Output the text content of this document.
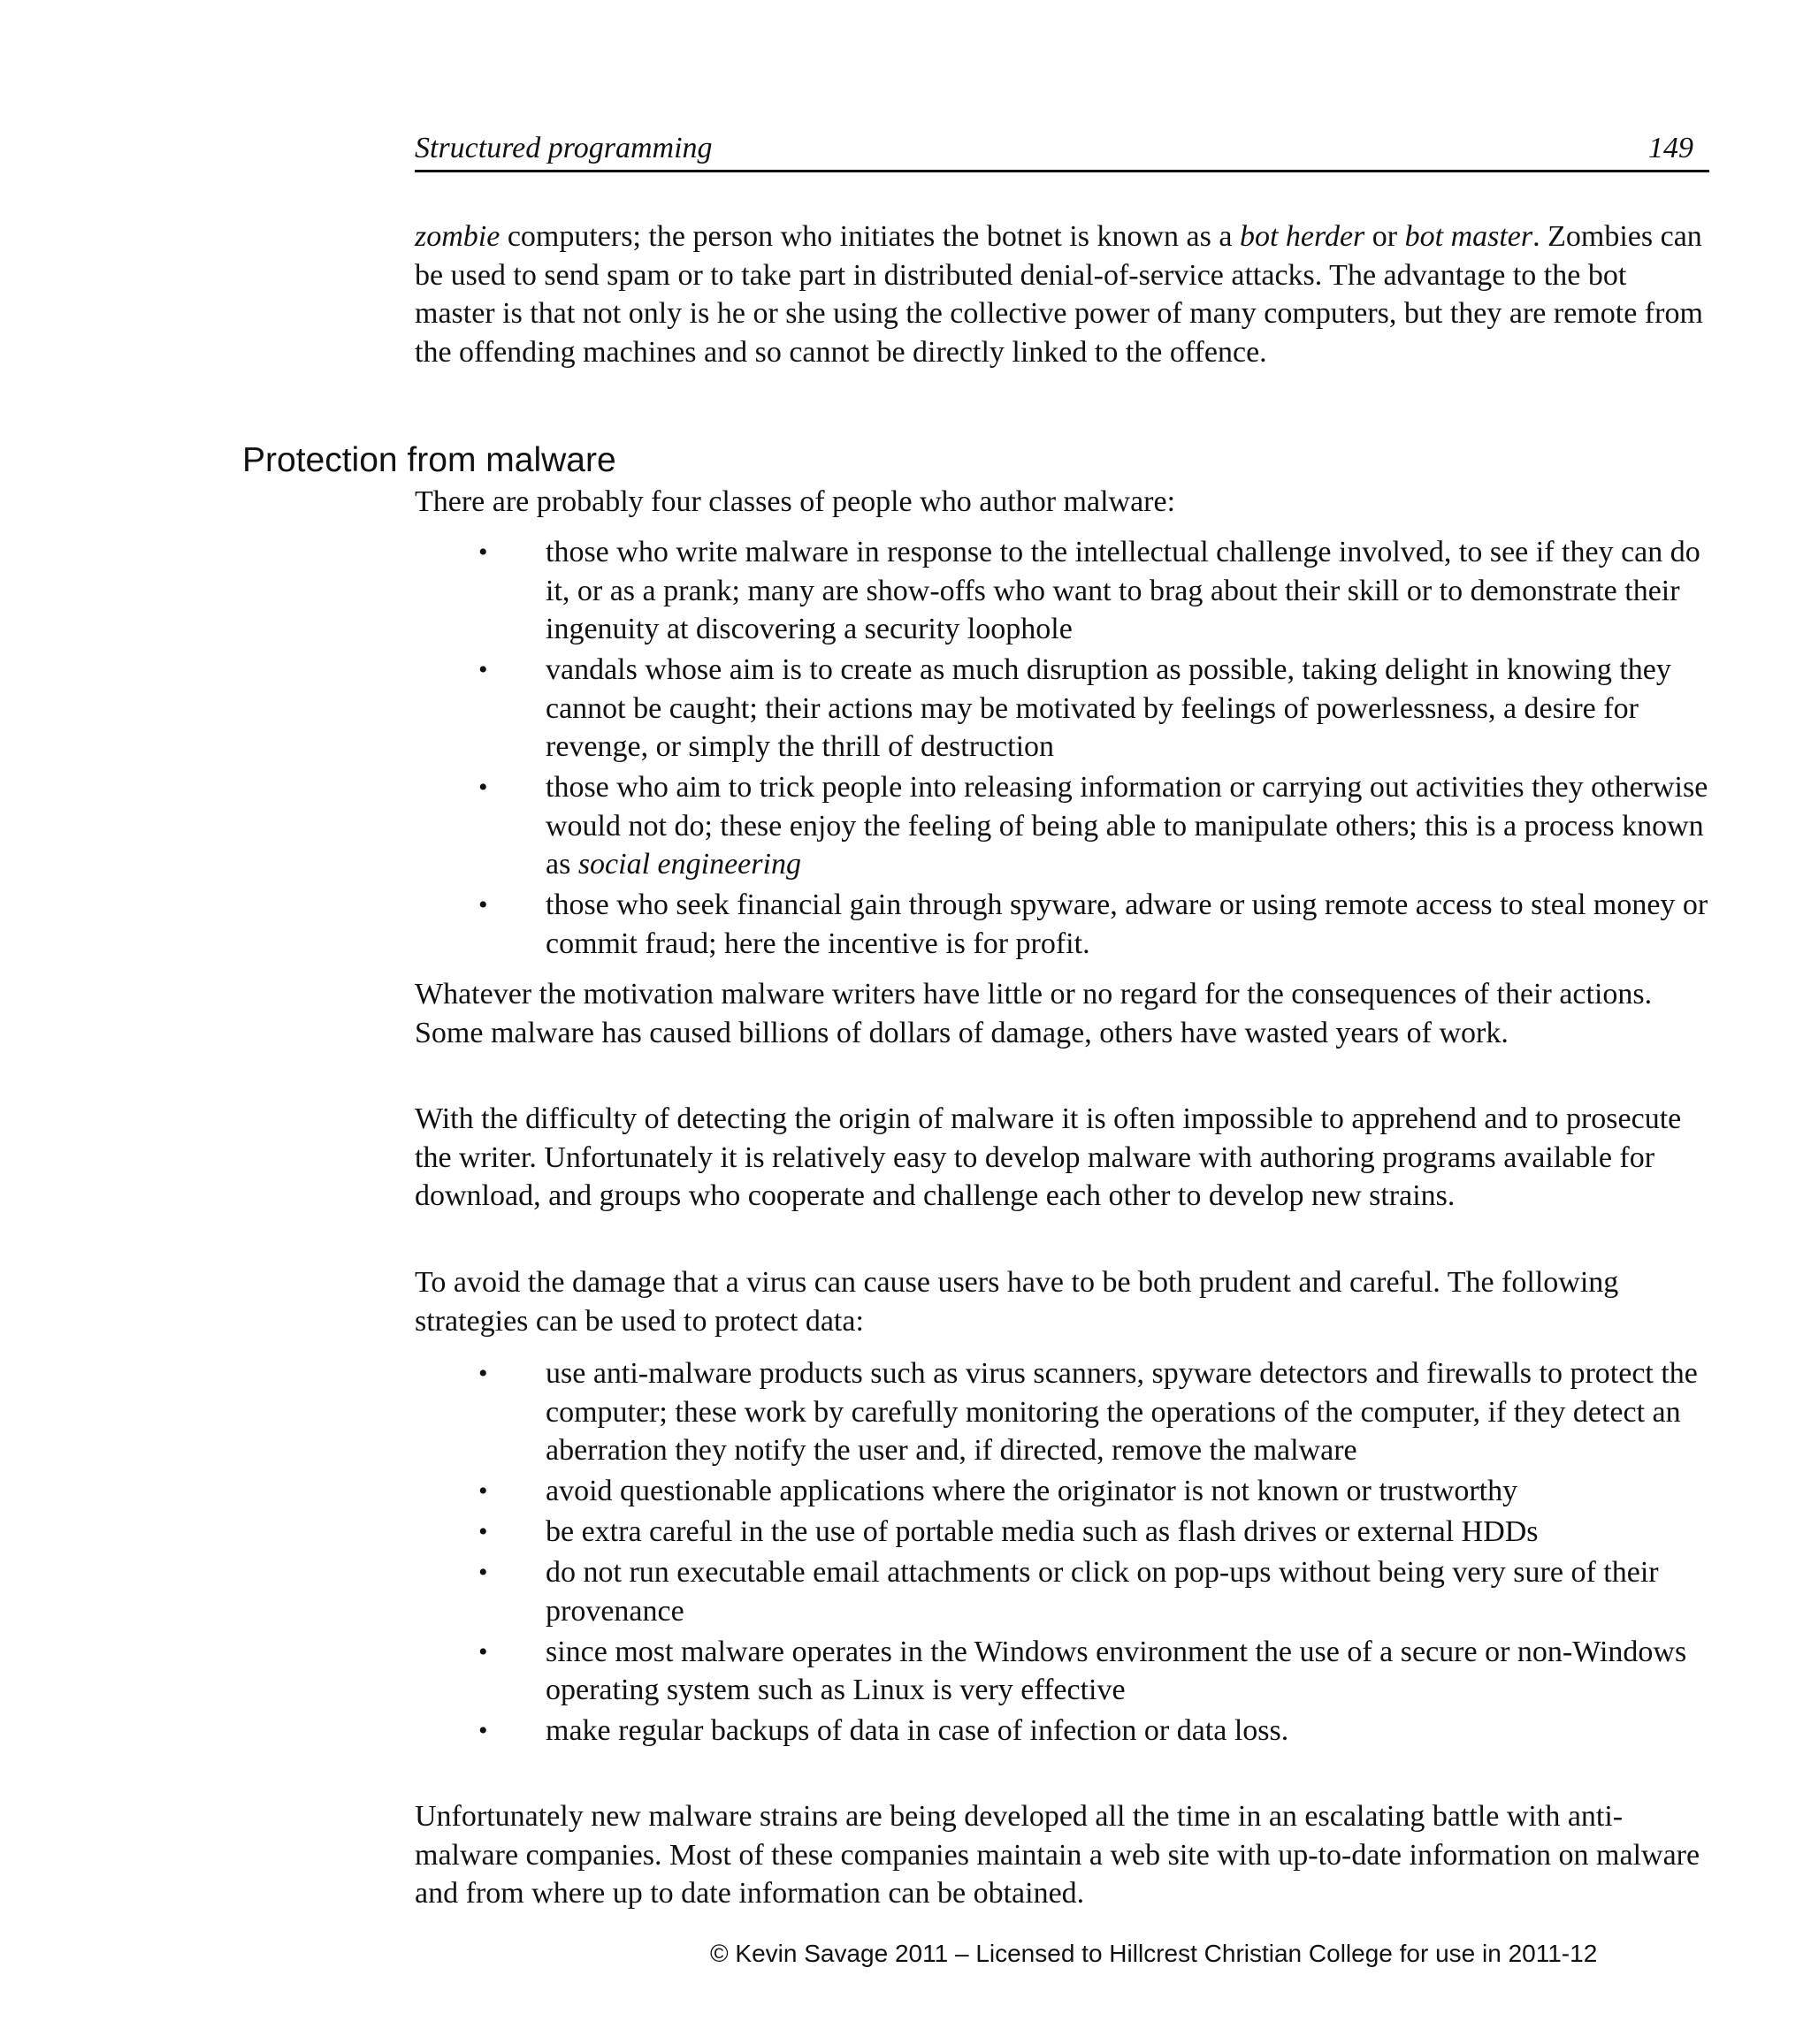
Structured programming	149

zombie computers; the person who initiates the botnet is known as a bot herder or bot master. Zombies can be used to send spam or to take part in distributed denial-of-service attacks. The advantage to the bot master is that not only is he or she using the collective power of many computers, but they are remote from the offending machines and so cannot be directly linked to the offence.

Protection from malware

There are probably four classes of people who author malware:

• those who write malware in response to the intellectual challenge involved, to see if they can do it, or as a prank; many are show-offs who want to brag about their skill or to demonstrate their ingenuity at discovering a security loophole
• vandals whose aim is to create as much disruption as possible, taking delight in knowing they cannot be caught; their actions may be motivated by feelings of powerlessness, a desire for revenge, or simply the thrill of destruction
• those who aim to trick people into releasing information or carrying out activities they otherwise would not do; these enjoy the feeling of being able to manipulate others; this is a process known as social engineering
• those who seek financial gain through spyware, adware or using remote access to steal money or commit fraud; here the incentive is for profit.

Whatever the motivation malware writers have little or no regard for the consequences of their actions. Some malware has caused billions of dollars of damage, others have wasted years of work.

With the difficulty of detecting the origin of malware it is often impossible to apprehend and to prosecute the writer. Unfortunately it is relatively easy to develop malware with authoring programs available for download, and groups who cooperate and challenge each other to develop new strains.

To avoid the damage that a virus can cause users have to be both prudent and careful. The following strategies can be used to protect data:

• use anti-malware products such as virus scanners, spyware detectors and firewalls to protect the computer; these work by carefully monitoring the operations of the computer, if they detect an aberration they notify the user and, if directed, remove the malware
• avoid questionable applications where the originator is not known or trustworthy
• be extra careful in the use of portable media such as flash drives or external HDDs
• do not run executable email attachments or click on pop-ups without being very sure of their provenance
• since most malware operates in the Windows environment the use of a secure or non-Windows operating system such as Linux is very effective
• make regular backups of data in case of infection or data loss.

Unfortunately new malware strains are being developed all the time in an escalating battle with anti-malware companies. Most of these companies maintain a web site with up-to-date information on malware and from where up to date information can be obtained.

© Kevin Savage 2011 – Licensed to Hillcrest Christian College for use in 2011-12
